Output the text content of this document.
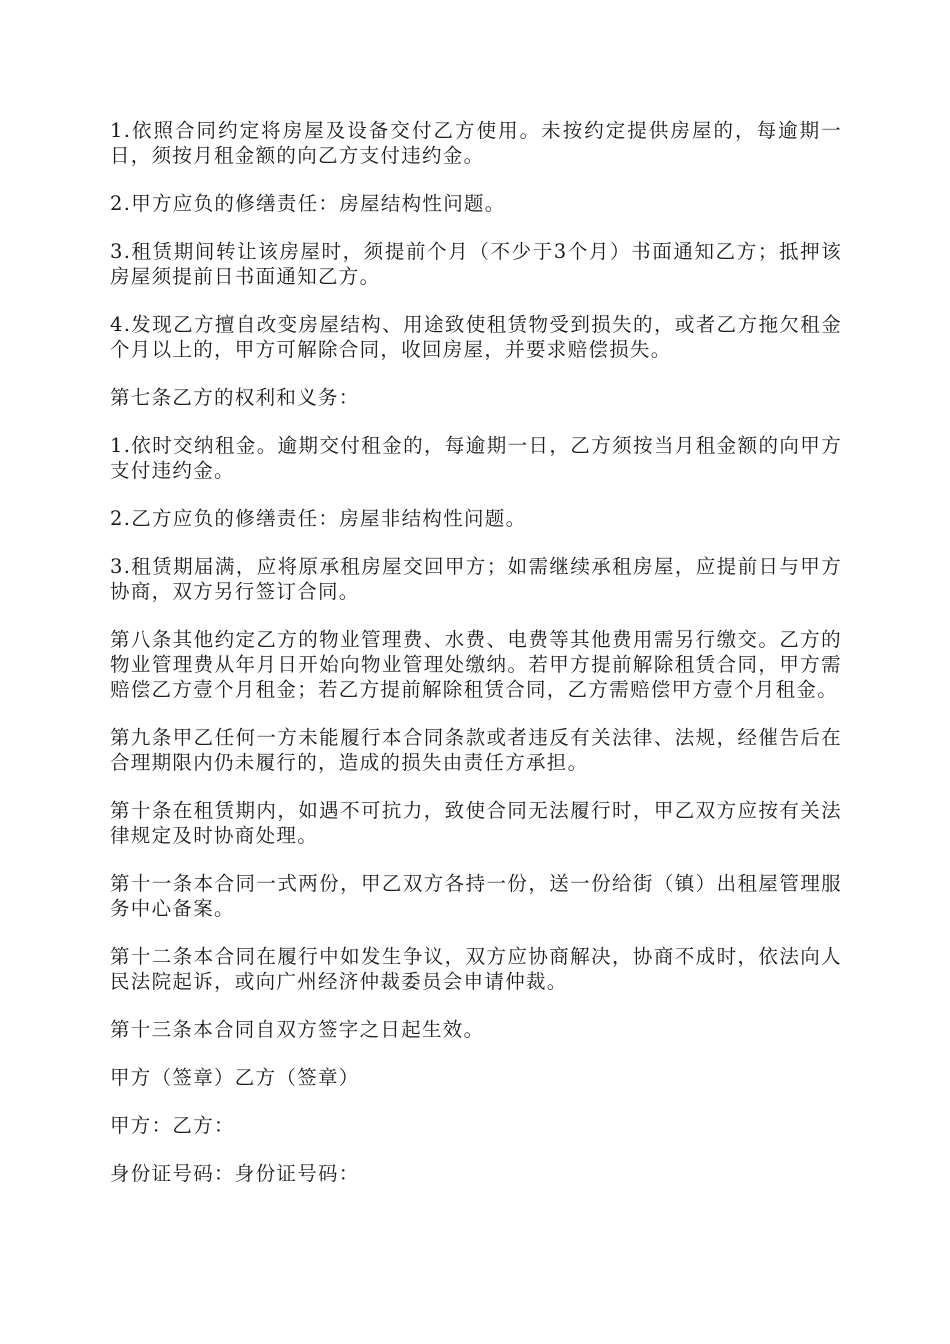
1.依照合同约定将房屋及设备交付乙方使用。未按约定提供房屋的，每逾期一日，须按月租金额的向乙方支付违约金。

2.甲方应负的修缮责任：房屋结构性问题。

3.租赁期间转让该房屋时，须提前个月（不少于3个月）书面通知乙方；抵押该房屋须提前日书面通知乙方。

4.发现乙方擅自改变房屋结构、用途致使租赁物受到损失的，或者乙方拖欠租金个月以上的，甲方可解除合同，收回房屋，并要求赔偿损失。

第七条乙方的权利和义务：

1.依时交纳租金。逾期交付租金的，每逾期一日，乙方须按当月租金额的向甲方支付违约金。

2.乙方应负的修缮责任：房屋非结构性问题。

3.租赁期届满，应将原承租房屋交回甲方；如需继续承租房屋，应提前日与甲方协商，双方另行签订合同。

第八条其他约定乙方的物业管理费、水费、电费等其他费用需另行缴交。乙方的物业管理费从年月日开始向物业管理处缴纳。若甲方提前解除租赁合同，甲方需赔偿乙方壹个月租金；若乙方提前解除租赁合同，乙方需赔偿甲方壹个月租金。

第九条甲乙任何一方未能履行本合同条款或者违反有关法律、法规，经催告后在合理期限内仍未履行的，造成的损失由责任方承担。

第十条在租赁期内，如遇不可抗力，致使合同无法履行时，甲乙双方应按有关法律规定及时协商处理。

第十一条本合同一式两份，甲乙双方各持一份，送一份给街（镇）出租屋管理服务中心备案。

第十二条本合同在履行中如发生争议，双方应协商解决，协商不成时，依法向人民法院起诉，或向广州经济仲裁委员会申请仲裁。

第十三条本合同自双方签字之日起生效。

甲方（签章）乙方（签章）

甲方：乙方：

身份证号码：身份证号码：
